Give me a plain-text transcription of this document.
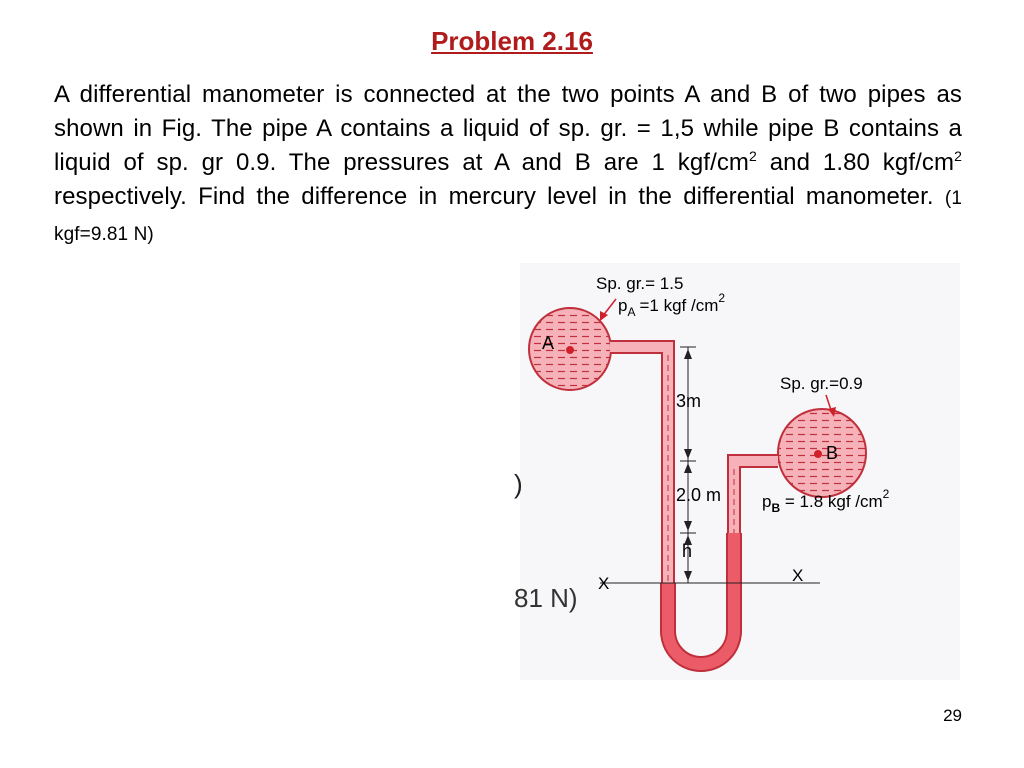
Problem 2.16
A differential manometer is connected at the two points A and B of two pipes as shown in Fig. The pipe A contains a liquid of sp. gr. = 1,5 while pipe B contains a liquid of sp. gr 0.9. The pressures at A and B are 1 kgf/$cm^2$ and 1.80 kgf/$cm^2$ respectively. Find the difference in mercury level in the differential manometer. (1 kgf=9.81 N)
)
81 N)
A
B
X	X
3m
2.0 m
h
Sp. gr.= 1.5
$p_A =1$ kgf $/cm^2$
Sp. gr.=0.9
$p_B = 1.8$ kgf $/cm^2$
29
